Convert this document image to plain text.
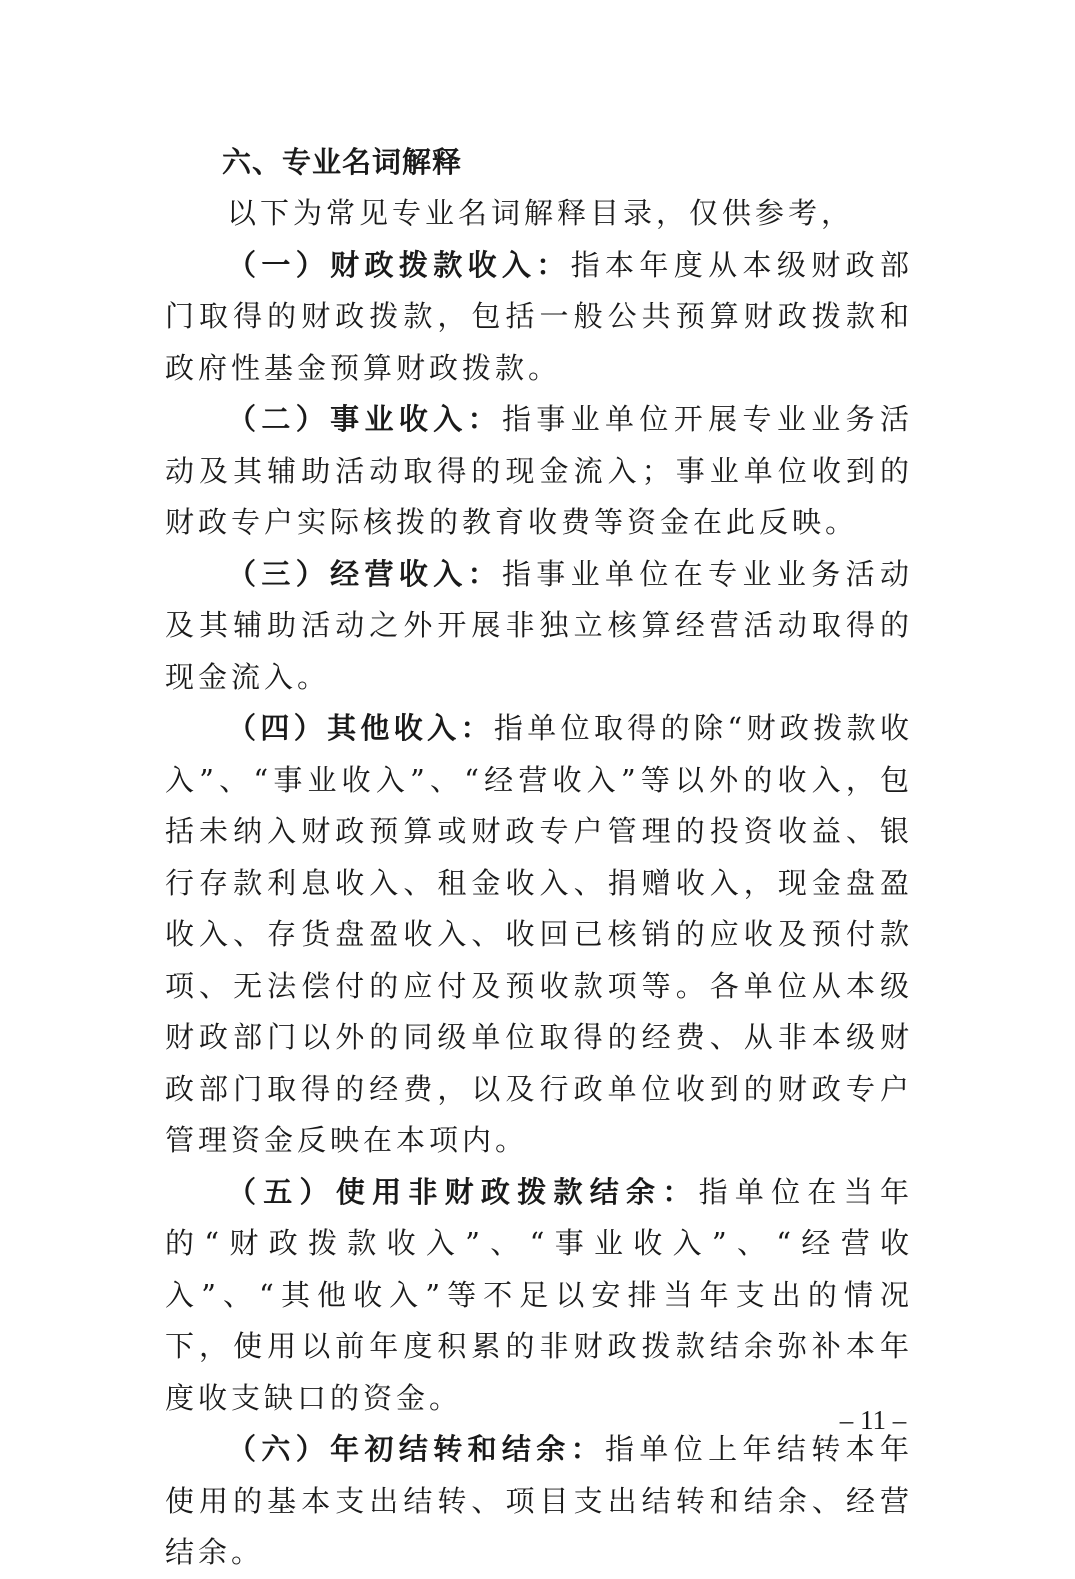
六、专业名词解释

以下为常见专业名词解释目录，仅供参考，

（一）财政拨款收入：指本年度从本级财政部门取得的财政拨款，包括一般公共预算财政拨款和政府性基金预算财政拨款。

（二）事业收入：指事业单位开展专业业务活动及其辅助活动取得的现金流入；事业单位收到的财政专户实际核拨的教育收费等资金在此反映。

（三）经营收入：指事业单位在专业业务活动及其辅助活动之外开展非独立核算经营活动取得的现金流入。

（四）其他收入：指单位取得的除“财政拨款收入”、“事业收入”、“经营收入”等以外的收入，包括未纳入财政预算或财政专户管理的投资收益、银行存款利息收入、租金收入、捐赠收入，现金盘盈收入、存货盘盈收入、收回已核销的应收及预付款项、无法偿付的应付及预收款项等。各单位从本级财政部门以外的同级单位取得的经费、从非本级财政部门取得的经费，以及行政单位收到的财政专户管理资金反映在本项内。

（五）使用非财政拨款结余：指单位在当年的“财政拨款收入”、“事业收入”、“经营收入”、“其他收入”等不足以安排当年支出的情况下，使用以前年度积累的非财政拨款结余弥补本年度收支缺口的资金。

（六）年初结转和结余：指单位上年结转本年使用的基本支出结转、项目支出结转和结余、经营结余。

– 11 –
